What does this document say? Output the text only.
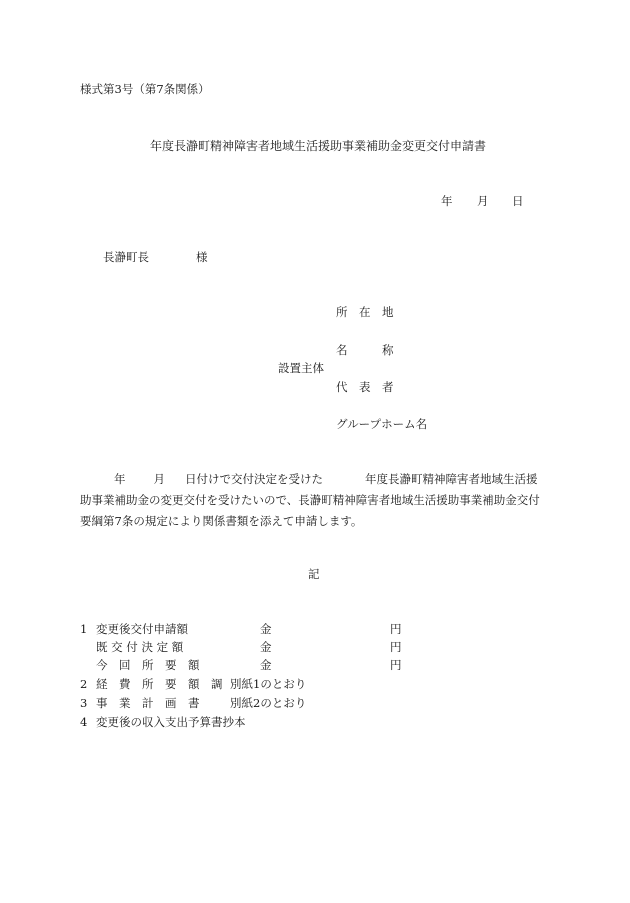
様式第3号（第7条関係）
年度長瀞町精神障害者地域生活援助事業補助金変更交付申請書
年 月 日
長瀞町長	様
所　在　地
名　　　称
設置主体
代　表　者
グループホーム名
年 月 日付けで交付決定を受けた	年度長瀞町精神障害者地域生活援
助事業補助金の変更交付を受けたいので、長瀞町精神障害者地域生活援助事業補助金交付
要綱第7条の規定により関係書類を添えて申請します。
記
1 変更後交付申請額	金	円
既 交 付 決 定 額	金	円
今　回　所　要　額	金	円
2 経　費　所　要　額　調 別紙1のとおり
3 事　業　計　画　書	別紙2のとおり
4 変更後の収入支出予算書抄本
